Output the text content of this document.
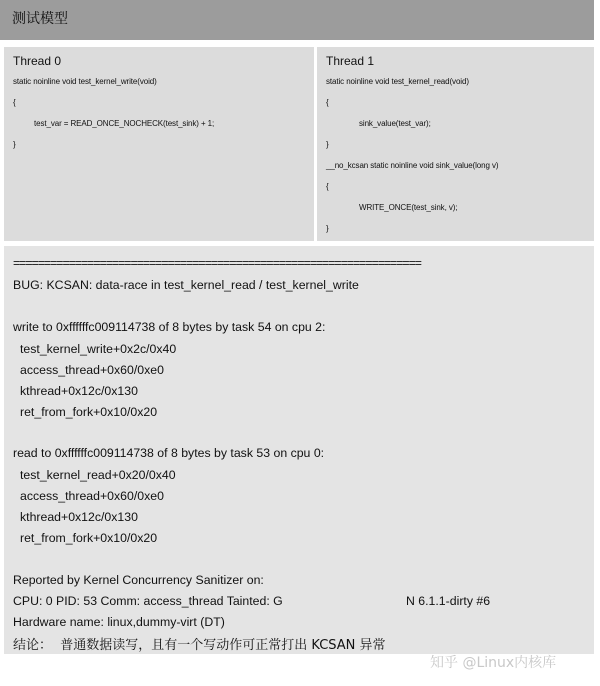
测试模型
Thread 0
static noinline void test_kernel_write(void)
{
test_var = READ_ONCE_NOCHECK(test_sink) + 1;
}
Thread 1
static noinline void test_kernel_read(void)
{
sink_value(test_var);
}
__no_kcsan static noinline void sink_value(long v)
{
WRITE_ONCE(test_sink, v);
}
==================================================================
BUG: KCSAN: data-race in test_kernel_read / test_kernel_write
write to 0xffffffc009114738 of 8 bytes by task 54 on cpu 2:
test_kernel_write+0x2c/0x40
access_thread+0x60/0xe0
kthread+0x12c/0x130
ret_from_fork+0x10/0x20
read to 0xffffffc009114738 of 8 bytes by task 53 on cpu 0:
test_kernel_read+0x20/0x40
access_thread+0x60/0xe0
kthread+0x12c/0x130
ret_from_fork+0x10/0x20
Reported by Kernel Concurrency Sanitizer on:
CPU: 0 PID: 53 Comm: access_thread Tainted: G	N 6.1.1-dirty #6
Hardware name: linux,dummy-virt (DT)
结论：  普通数据读写，且有一个写动作可正常打出 KCSAN 异常
知乎 @Linux内核库
